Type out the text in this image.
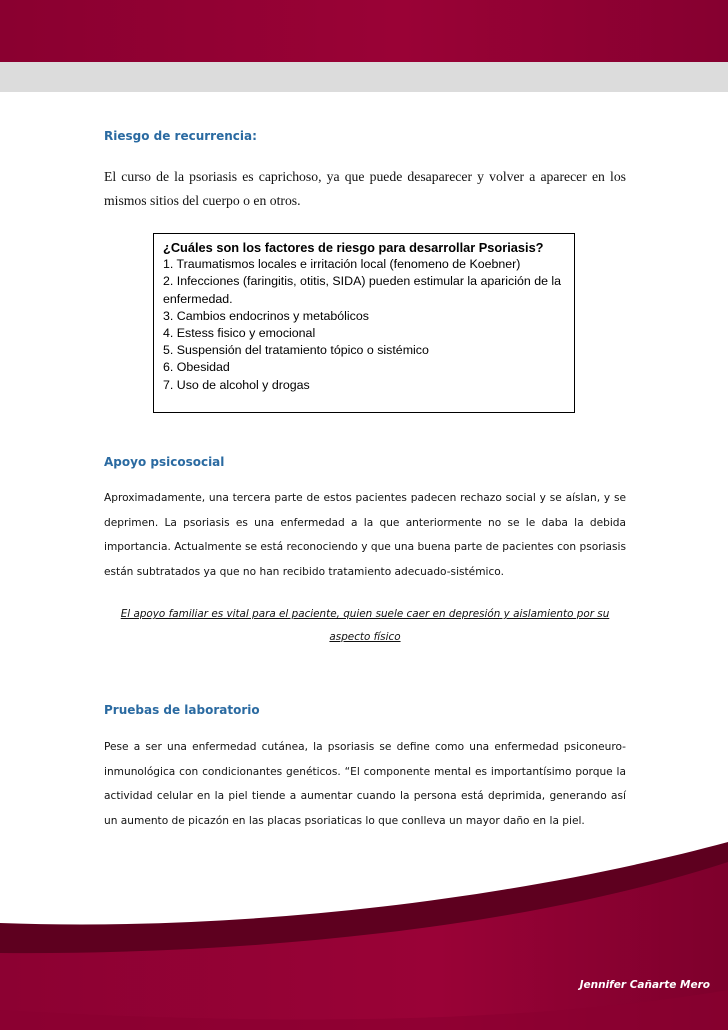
Riesgo de recurrencia:
El curso de la psoriasis es caprichoso, ya que puede desaparecer y volver a aparecer en los mismos sitios del cuerpo o en otros.
¿Cuáles son los factores de riesgo para desarrollar Psoriasis?
1. Traumatismos locales e irritación local (fenomeno de Koebner)
2. Infecciones (faringitis, otitis, SIDA) pueden estimular la aparición de la enfermedad.
3. Cambios endocrinos y metabólicos
4. Estess fisico y emocional
5. Suspensión del tratamiento tópico o sistémico
6. Obesidad
7. Uso de alcohol y drogas
Apoyo psicosocial
Aproximadamente, una tercera parte de estos pacientes padecen rechazo social y se aíslan, y se deprimen. La psoriasis es una enfermedad a la que anteriormente no se le daba la debida importancia. Actualmente se está reconociendo y que una buena parte de pacientes con psoriasis están subtratados ya que no han recibido tratamiento adecuado-sistémico.
El apoyo familiar es vital para el paciente, quien suele caer en depresión y aislamiento por su aspecto físico
Pruebas de laboratorio
Pese a ser una enfermedad cutánea, la psoriasis se define como una enfermedad psiconeuro-inmunológica con condicionantes genéticos. “El componente mental es importantísimo porque la actividad celular en la piel tiende a aumentar cuando la persona está deprimida, generando así un aumento de picazón en las placas psoriaticas lo que conlleva un mayor daño en la piel.
Jennifer Cañarte Mero
